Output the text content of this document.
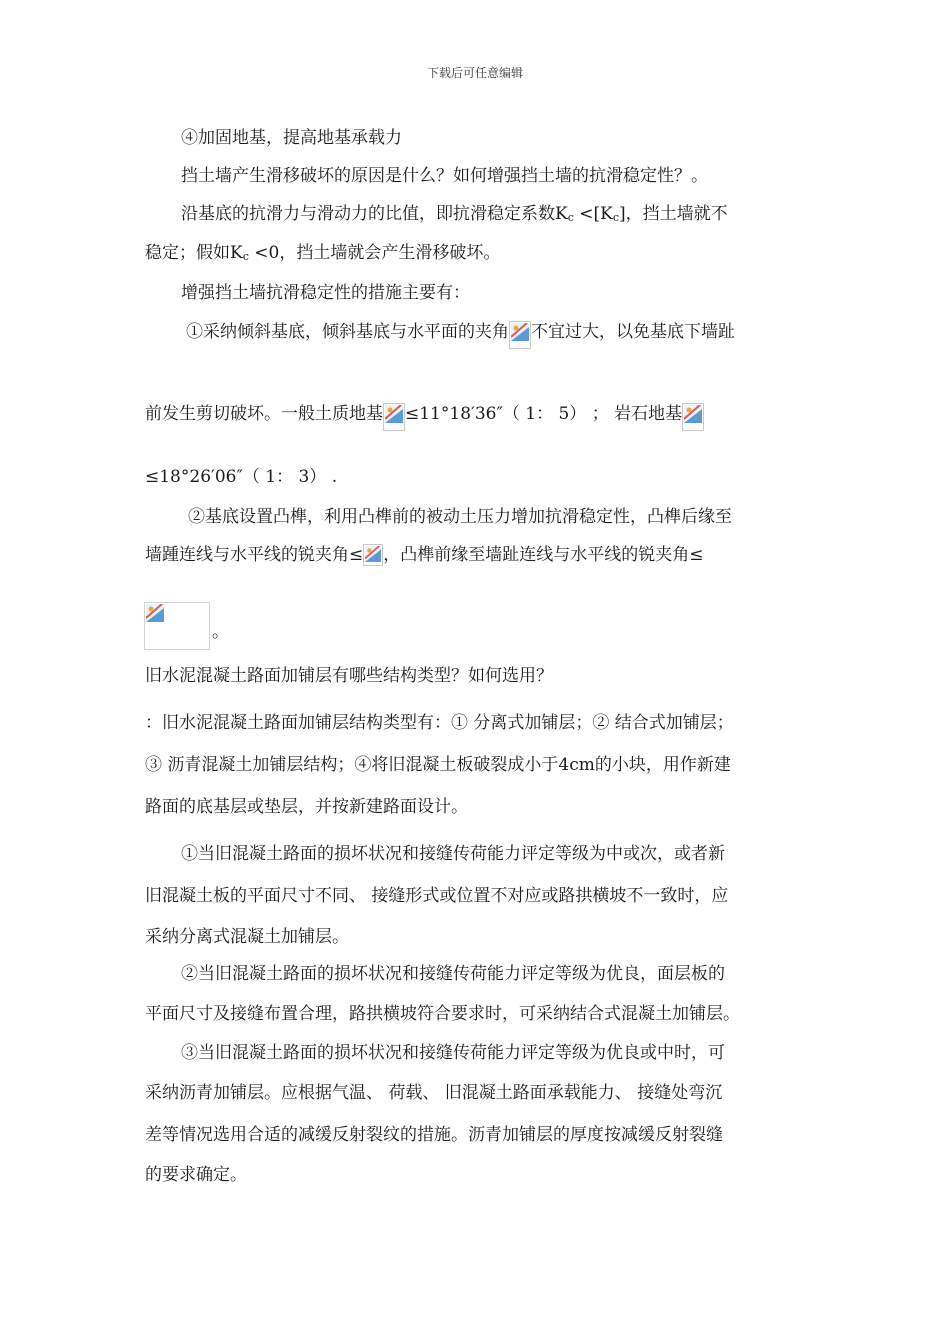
下载后可任意编辑
④加固地基，提高地基承载力
挡土墙产生滑移破坏的原因是什么？如何增强挡土墙的抗滑稳定性？。
沿基底的抗滑力与滑动力的比值，即抗滑稳定系数Kc <[Kc]，挡土墙就不
稳定；假如Kc <0，挡土墙就会产生滑移破坏。
增强挡土墙抗滑稳定性的措施主要有：
①采纳倾斜基底，倾斜基底与水平面的夹角 不宜过大，以免基底下墙趾
前发生剪切破坏。一般土质地基 ≤11°18′36″（ 1： 5） ； 岩石地基
≤18°26′06″（ 1： 3） .
②基底设置凸榫，利用凸榫前的被动土压力增加抗滑稳定性，凸榫后缘至
墙踵连线与水平线的锐夹角≤ ，凸榫前缘至墙趾连线与水平线的锐夹角≤
。
旧水泥混凝土路面加铺层有哪些结构类型？如何选用？
：旧水泥混凝土路面加铺层结构类型有：① 分离式加铺层；② 结合式加铺层；
③ 沥青混凝土加铺层结构；④将旧混凝土板破裂成小于4cm的小块，用作新建
路面的底基层或垫层，并按新建路面设计。
①当旧混凝土路面的损坏状况和接缝传荷能力评定等级为中或次，或者新
旧混凝土板的平面尺寸不同、 接缝形式或位置不对应或路拱横坡不一致时，应
采纳分离式混凝土加铺层。
②当旧混凝土路面的损坏状况和接缝传荷能力评定等级为优良，面层板的
平面尺寸及接缝布置合理，路拱横坡符合要求时，可采纳结合式混凝土加铺层。
③当旧混凝土路面的损坏状况和接缝传荷能力评定等级为优良或中时，可
采纳沥青加铺层。应根据气温、 荷载、 旧混凝土路面承载能力、 接缝处弯沉
差等情况选用合适的减缓反射裂纹的措施。沥青加铺层的厚度按减缓反射裂缝
的要求确定。
